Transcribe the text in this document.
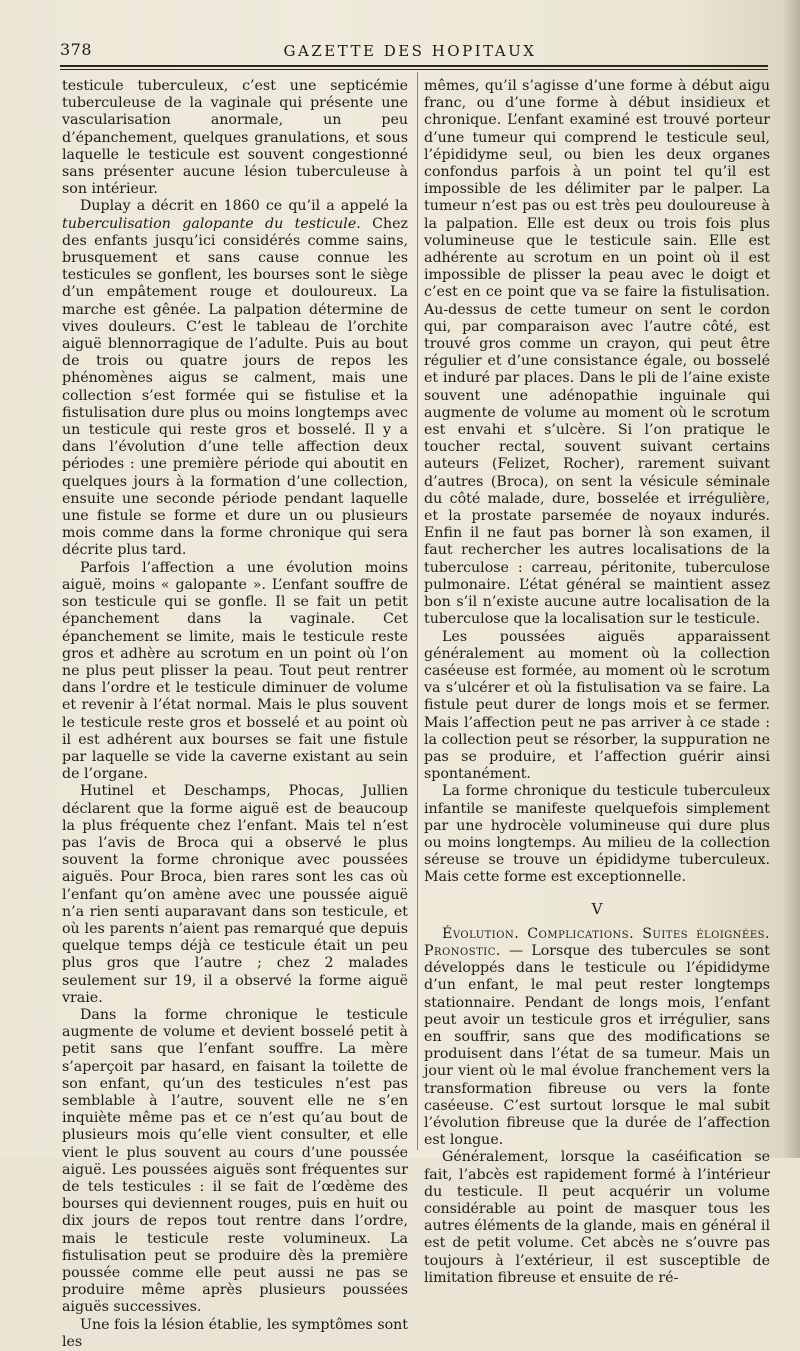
378	GAZETTE DES HOPITAUX

testicule tuberculeux, c’est une septicémie tuberculeuse de la vaginale qui présente une vascularisation anormale, un peu d’épanchement, quelques granulations, et sous laquelle le testicule est souvent congestionné sans présenter aucune lésion tuberculeuse à son intérieur.

Duplay a décrit en 1860 ce qu’il a appelé la tuberculisation galopante du testicule. Chez des enfants jusqu’ici considérés comme sains, brusquement et sans cause connue les testicules se gonflent, les bourses sont le siège d’un empâtement rouge et douloureux. La marche est gênée. La palpation détermine de vives douleurs. C’est le tableau de l’orchite aiguë blennorragique de l’adulte. Puis au bout de trois ou quatre jours de repos les phénomènes aigus se calment, mais une collection s’est formée qui se fistulise et la fistulisation dure plus ou moins longtemps avec un testicule qui reste gros et bosselé. Il y a dans l’évolution d’une telle affection deux périodes : une première période qui aboutit en quelques jours à la formation d’une collection, ensuite une seconde période pendant laquelle une fistule se forme et dure un ou plusieurs mois comme dans la forme chronique qui sera décrite plus tard.

Parfois l’affection a une évolution moins aiguë, moins « galopante ». L’enfant souffre de son testicule qui se gonfle. Il se fait un petit épanchement dans la vaginale. Cet épanchement se limite, mais le testicule reste gros et adhère au scrotum en un point où l’on ne plus peut plisser la peau. Tout peut rentrer dans l’ordre et le testicule diminuer de volume et revenir à l’état normal. Mais le plus souvent le testicule reste gros et bosselé et au point où il est adhérent aux bourses se fait une fistule par laquelle se vide la caverne existant au sein de l’organe.

Hutinel et Deschamps, Phocas, Jullien déclarent que la forme aiguë est de beaucoup la plus fréquente chez l’enfant. Mais tel n’est pas l’avis de Broca qui a observé le plus souvent la forme chronique avec poussées aiguës. Pour Broca, bien rares sont les cas où l’enfant qu’on amène avec une poussée aiguë n’a rien senti auparavant dans son testicule, et où les parents n’aient pas remarqué que depuis quelque temps déjà ce testicule était un peu plus gros que l’autre ; chez 2 malades seulement sur 19, il a observé la forme aiguë vraie.

Dans la forme chronique le testicule augmente de volume et devient bosselé petit à petit sans que l’enfant souffre. La mère s’aperçoit par hasard, en faisant la toilette de son enfant, qu’un des testicules n’est pas semblable à l’autre, souvent elle ne s’en inquiète même pas et ce n’est qu’au bout de plusieurs mois qu’elle vient consulter, et elle vient le plus souvent au cours d’une poussée aiguë. Les poussées aiguës sont fréquentes sur de tels testicules : il se fait de l’œdème des bourses qui deviennent rouges, puis en huit ou dix jours de repos tout rentre dans l’ordre, mais le testicule reste volumineux. La fistulisation peut se produire dès la première poussée comme elle peut aussi ne pas se produire même après plusieurs poussées aiguës successives.

Une fois la lésion établie, les symptômes sont les

mêmes, qu’il s’agisse d’une forme à début aigu franc, ou d’une forme à début insidieux et chronique. L’enfant examiné est trouvé porteur d’une tumeur qui comprend le testicule seul, l’épididyme seul, ou bien les deux organes confondus parfois à un point tel qu’il est impossible de les délimiter par le palper. La tumeur n’est pas ou est très peu douloureuse à la palpation. Elle est deux ou trois fois plus volumineuse que le testicule sain. Elle est adhérente au scrotum en un point où il est impossible de plisser la peau avec le doigt et c’est en ce point que va se faire la fistulisation. Au-dessus de cette tumeur on sent le cordon qui, par comparaison avec l’autre côté, est trouvé gros comme un crayon, qui peut être régulier et d’une consistance égale, ou bosselé et induré par places. Dans le pli de l’aine existe souvent une adénopathie inguinale qui augmente de volume au moment où le scrotum est envahi et s’ulcère. Si l’on pratique le toucher rectal, souvent suivant certains auteurs (Felizet, Rocher), rarement suivant d’autres (Broca), on sent la vésicule séminale du côté malade, dure, bosselée et irrégulière, et la prostate parsemée de noyaux indurés. Enfin il ne faut pas borner là son examen, il faut rechercher les autres localisations de la tuberculose : carreau, péritonite, tuberculose pulmonaire. L’état général se maintient assez bon s’il n’existe aucune autre localisation de la tuberculose que la localisation sur le testicule.

Les poussées aiguës apparaissent généralement au moment où la collection caséeuse est formée, au moment où le scrotum va s’ulcérer et où la fistulisation va se faire. La fistule peut durer de longs mois et se fermer. Mais l’affection peut ne pas arriver à ce stade : la collection peut se résorber, la suppuration ne pas se produire, et l’affection guérir ainsi spontanément.

La forme chronique du testicule tuberculeux infantile se manifeste quelquefois simplement par une hydrocèle volumineuse qui dure plus ou moins longtemps. Au milieu de la collection séreuse se trouve un épididyme tuberculeux. Mais cette forme est exceptionnelle.

V

Évolution. Complications. Suites éloignées. Pronostic. — Lorsque des tubercules se sont développés dans le testicule ou l’épididyme d’un enfant, le mal peut rester longtemps stationnaire. Pendant de longs mois, l’enfant peut avoir un testicule gros et irrégulier, sans en souffrir, sans que des modifications se produisent dans l’état de sa tumeur. Mais un jour vient où le mal évolue franchement vers la transformation fibreuse ou vers la fonte caséeuse. C’est surtout lorsque le mal subit l’évolution fibreuse que la durée de l’affection est longue.

Généralement, lorsque la caséification se fait, l’abcès est rapidement formé à l’intérieur du testicule. Il peut acquérir un volume considérable au point de masquer tous les autres éléments de la glande, mais en général il est de petit volume. Cet abcès ne s’ouvre pas toujours à l’extérieur, il est susceptible de limitation fibreuse et ensuite de ré-
